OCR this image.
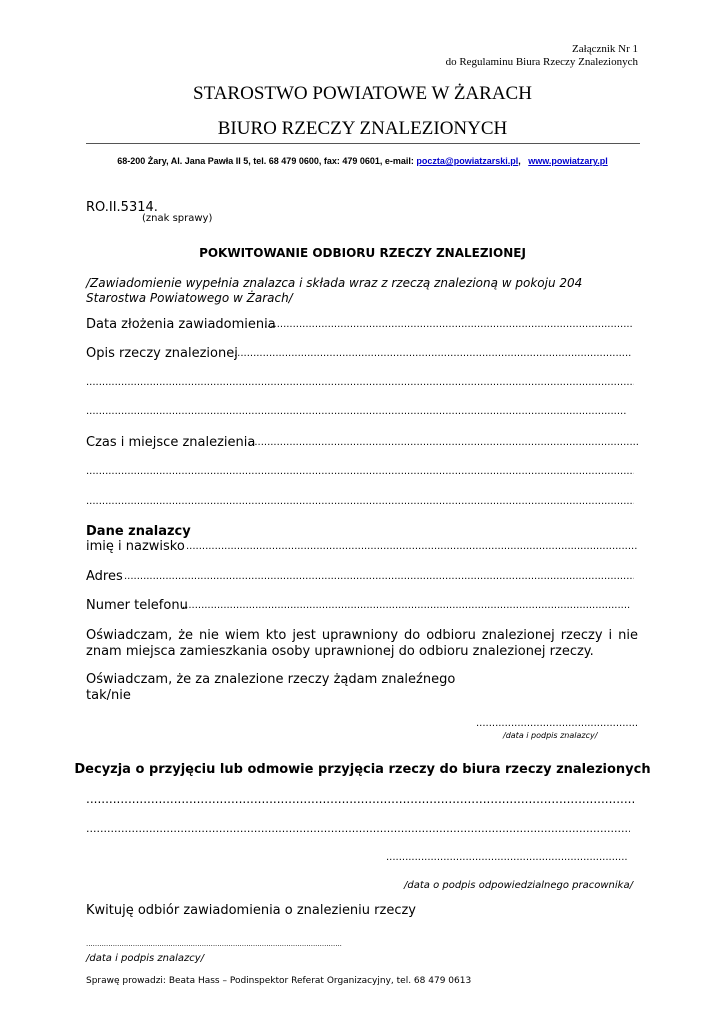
Załącznik Nr 1
do Regulaminu Biura Rzeczy Znalezionych
STAROSTWO POWIATOWE W ŻARACH
BIURO RZECZY ZNALEZIONYCH
68-200 Żary, Al. Jana Pawła II 5, tel. 68 479 0600, fax: 479 0601, e-mail: poczta@powiatzarski.pl, www.powiatzary.pl
RO.II.5314.
(znak sprawy)
POKWITOWANIE ODBIORU RZECZY ZNALEZIONEJ
/Zawiadomienie wypełnia znalazca i składa wraz z rzeczą znalezioną w pokoju 204 Starostwa Powiatowego w Żarach/
Data złożenia zawiadomienia
.....
Opis rzeczy znalezionej
.....
.....
.....
Czas i miejsce znalezienia
.....
.....
.....
Dane znalazcy
imię i nazwisko
.....
Adres
.....
Numer telefonu
.....
Oświadczam, że nie wiem kto jest uprawniony do odbioru znalezionej rzeczy i nie znam miejsca zamieszkania osoby uprawnionej do odbioru znalezionej rzeczy.
Oświadczam, że za znalezione rzeczy żądam znaleźnego
tak/nie
.....
/data i podpis znalazcy/
Decyzja o przyjęciu lub odmowie przyjęcia rzeczy do biura rzeczy znalezionych
.....
.....
.....
/data o podpis odpowiedzialnego pracownika/
Kwituję odbiór zawiadomienia o znalezieniu rzeczy
.....
/data i podpis znalazcy/
Sprawę prowadzi: Beata Hass – Podinspektor Referat Organizacyjny, tel. 68 479 0613
